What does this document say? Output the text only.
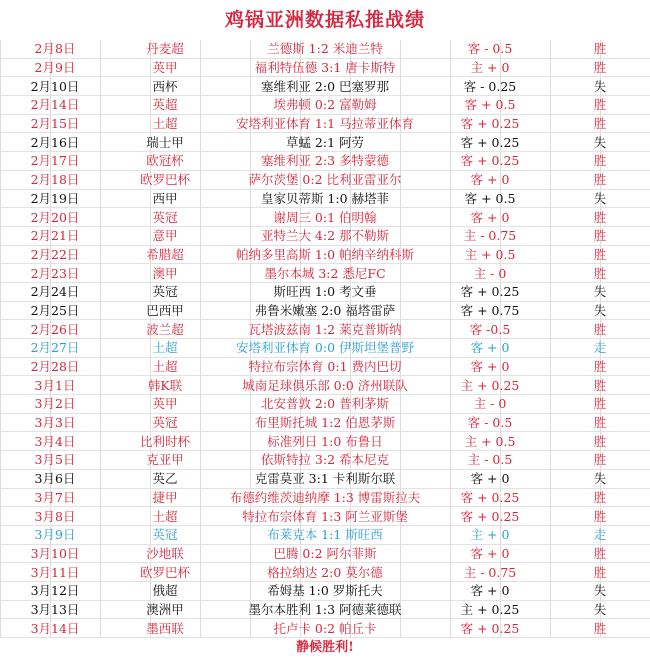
鸡锅亚洲数据私推战绩
2月8日	丹麦超	兰德斯 1:2 米迪兰特	客 - 0.5	胜
2月9日	英甲	福利特伍德 3:1 唐卡斯特	主 + 0	胜
2月10日	西杯	塞维利亚 2:0 巴塞罗那	客 - 0.25	失
2月14日	英超	埃弗顿 0:2 富勒姆	客 + 0.5	胜
2月15日	土超	安塔利亚体育 1:1 马拉蒂亚体育	客 + 0.25	胜
2月16日	瑞士甲	草蜢 2:1 阿劳	客 + 0.25	失
2月17日	欧冠杯	塞维利亚 2:3 多特蒙德	客 + 0.25	胜
2月18日	欧罗巴杯	萨尔茨堡 0:2 比利亚雷亚尔	客 + 0	胜
2月19日	西甲	皇家贝蒂斯 1:0 赫塔菲	客 + 0.5	失
2月20日	英冠	谢周三 0:1 伯明翰	客 + 0	胜
2月21日	意甲	亚特兰大 4:2 那不勒斯	主 - 0.75	胜
2月22日	希腊超	帕纳多里高斯 1:0 帕纳辛纳科斯	主 + 0.5	胜
2月23日	澳甲	墨尔本城 3:2 悉尼FC	主 - 0	胜
2月24日	英冠	斯旺西 1:0 考文垂	客 + 0.25	失
2月25日	巴西甲	弗鲁米嫩塞 2:0 福塔雷萨	客 + 0.75	失
2月26日	波兰超	瓦塔波兹南 1:2 莱克普斯纳	客 -0.5	胜
2月27日	土超	安塔利亚体育 0:0 伊斯坦堡普野	客 + 0	走
2月28日	土超	特拉布宗体育 0:1 费内巴切	客 + 0	胜
3月1日	韩K联	城南足球俱乐部 0:0 济州联队	主 + 0.25	胜
3月2日	英甲	北安普敦 2:0 普利茅斯	主 - 0	胜
3月3日	英冠	布里斯托城 1:2 伯恩茅斯	客 - 0.5	胜
3月4日	比利时杯	标准列日 1:0 布鲁日	主 + 0.5	胜
3月5日	克亚甲	依斯特拉 3:2 希本尼克	主 - 0.5	胜
3月6日	英乙	克雷莫亚 3:1 卡利斯尔联	客 + 0	失
3月7日	捷甲	布德约维茨迪纳摩 1:3 博雷斯拉夫	客 + 0.25	胜
3月8日	土超	特拉布宗体育 1:3 阿兰亚斯堡	客 + 0.25	胜
3月9日	英冠	布莱克本 1:1 斯旺西	主 + 0	走
3月10日	沙地联	巴腾 0:2 阿尔菲斯	客 + 0	胜
3月11日	欧罗巴杯	格拉纳达 2:0 莫尔德	主 - 0.75	胜
3月12日	俄超	希姆基 1:0 罗斯托夫	客 + 0	失
3月13日	澳洲甲	墨尔本胜利 1:3 阿德莱德联	主 + 0.25	失
3月14日	墨西联	托卢卡 0:2 帕丘卡	客 + 0.25	胜
静候胜利!
